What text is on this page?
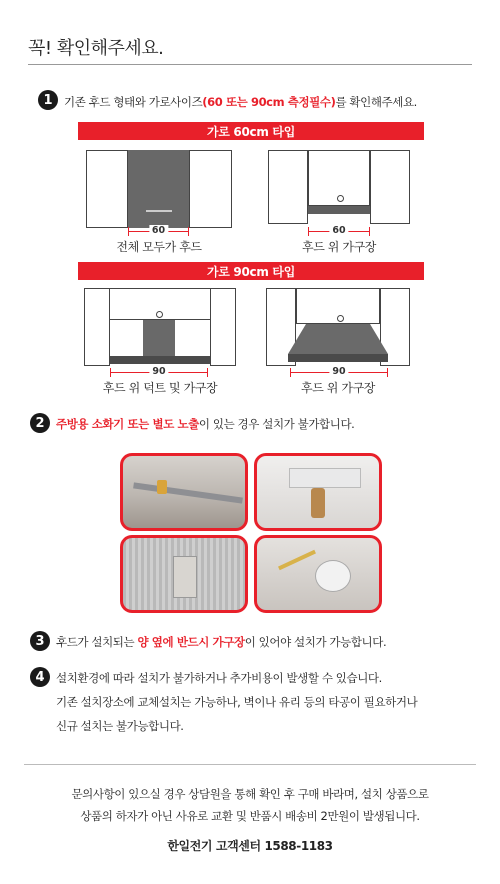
꼭! 확인해주세요.
1 기존 후드 형태와 가로사이즈(60 또는 90cm 측정필수)를 확인해주세요.
가로 60cm 타입
60
전체 모두가 후드
60
후드 위 가구장
가로 90cm 타입
90
후드 위 덕트 및 가구장
90
후드 위 가구장
2 주방용 소화기 또는 별도 노출이 있는 경우 설치가 불가합니다.
3 후드가 설치되는 양 옆에 반드시 가구장이 있어야 설치가 가능합니다.
4 설치환경에 따라 설치가 불가하거나 추가비용이 발생할 수 있습니다.
기존 설치장소에 교체설치는 가능하나, 벽이나 유리 등의 타공이 필요하거나
신규 설치는 불가능합니다.
문의사항이 있으실 경우 상담원을 통해 확인 후 구매 바라며, 설치 상품으로
상품의 하자가 아닌 사유로 교환 및 반품시 배송비 2만원이 발생됩니다.
한일전기 고객센터 1588-1183
